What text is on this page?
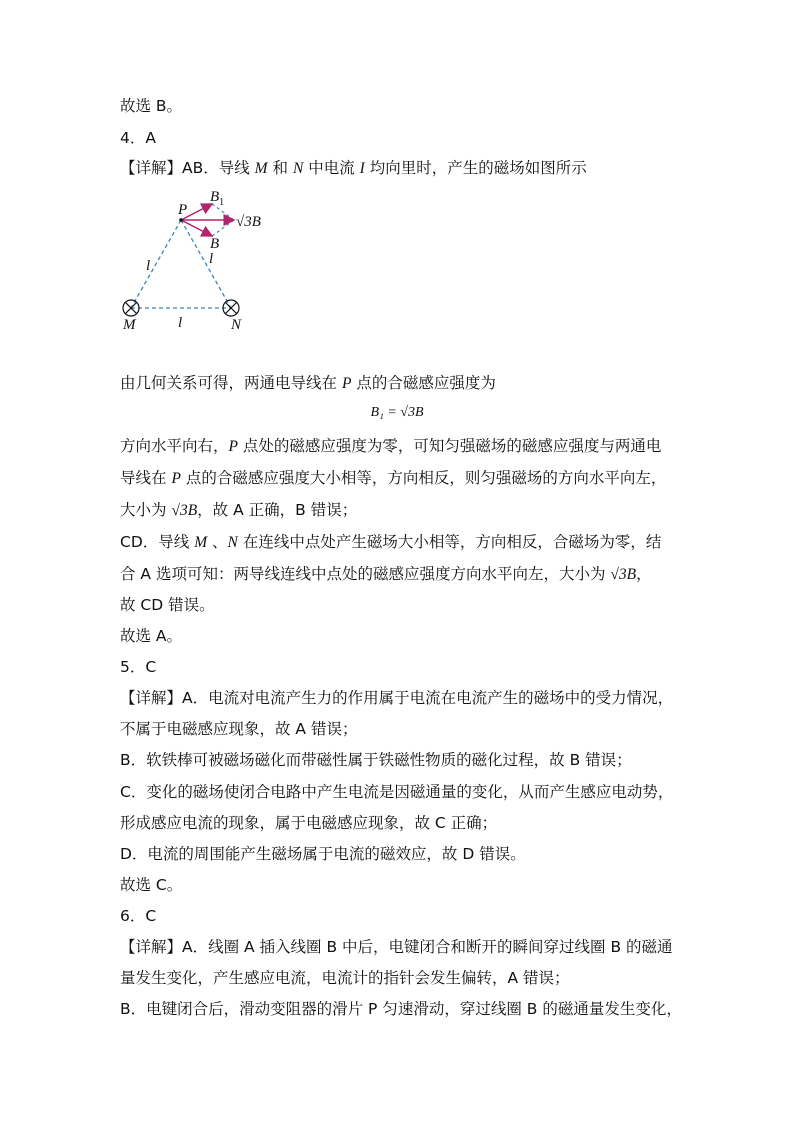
故选 B。
4．A
【详解】AB．导线 M 和 N 中电流 I 均向里时，产生的磁场如图所示
P
$B_1$
√3B
B
l	l
l
M	N
由几何关系可得，两通电导线在 P 点的合磁感应强度为
B₁ = √3B
方向水平向右，P 点处的磁感应强度为零，可知匀强磁场的磁感应强度与两通电
导线在 P 点的合磁感应强度大小相等，方向相反，则匀强磁场的方向水平向左，
大小为 √3B，故 A 正确，B 错误；
CD．导线 M 、N 在连线中点处产生磁场大小相等，方向相反，合磁场为零，结
合 A 选项可知：两导线连线中点处的磁感应强度方向水平向左，大小为 √3B，
故 CD 错误。
故选 A。
5．C
【详解】A．电流对电流产生力的作用属于电流在电流产生的磁场中的受力情况，
不属于电磁感应现象，故 A 错误；
B．软铁棒可被磁场磁化而带磁性属于铁磁性物质的磁化过程，故 B 错误；
C．变化的磁场使闭合电路中产生电流是因磁通量的变化，从而产生感应电动势，
形成感应电流的现象，属于电磁感应现象，故 C 正确；
D．电流的周围能产生磁场属于电流的磁效应，故 D 错误。
故选 C。
6．C
【详解】A．线圈 A 插入线圈 B 中后，电键闭合和断开的瞬间穿过线圈 B 的磁通
量发生变化，产生感应电流，电流计的指针会发生偏转，A 错误；
B．电键闭合后，滑动变阻器的滑片 P 匀速滑动，穿过线圈 B 的磁通量发生变化，
